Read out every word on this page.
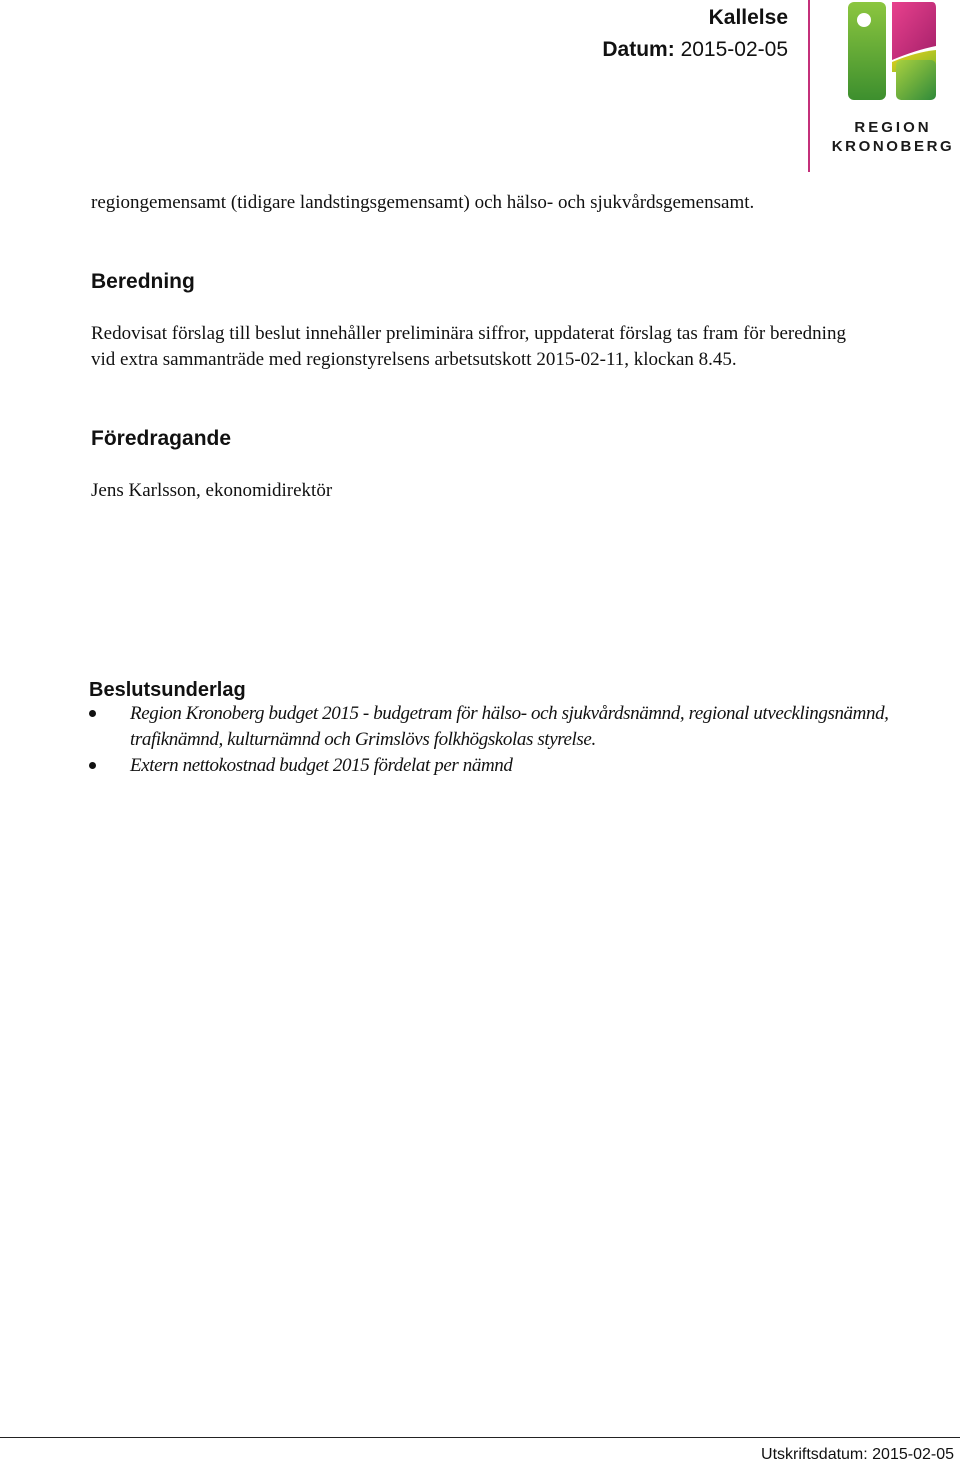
Kallelse
Datum: 2015-02-05
REGION
KRONOBERG

regiongemensamt (tidigare landstingsgemensamt) och hälso- och sjukvårdsgemensamt.

Beredning

Redovisat förslag till beslut innehåller preliminära siffror, uppdaterat förslag tas fram för beredning vid extra sammanträde med regionstyrelsens arbetsutskott 2015-02-11, klockan 8.45.

Föredragande

Jens Karlsson, ekonomidirektör

Beslutsunderlag
Region Kronoberg budget 2015 - budgetram för hälso- och sjukvårdsnämnd, regional utvecklingsnämnd, trafiknämnd, kulturnämnd och Grimslövs folkhögskolas styrelse.
Extern nettokostnad budget 2015 fördelat per nämnd
Utskriftsdatum: 2015-02-05
